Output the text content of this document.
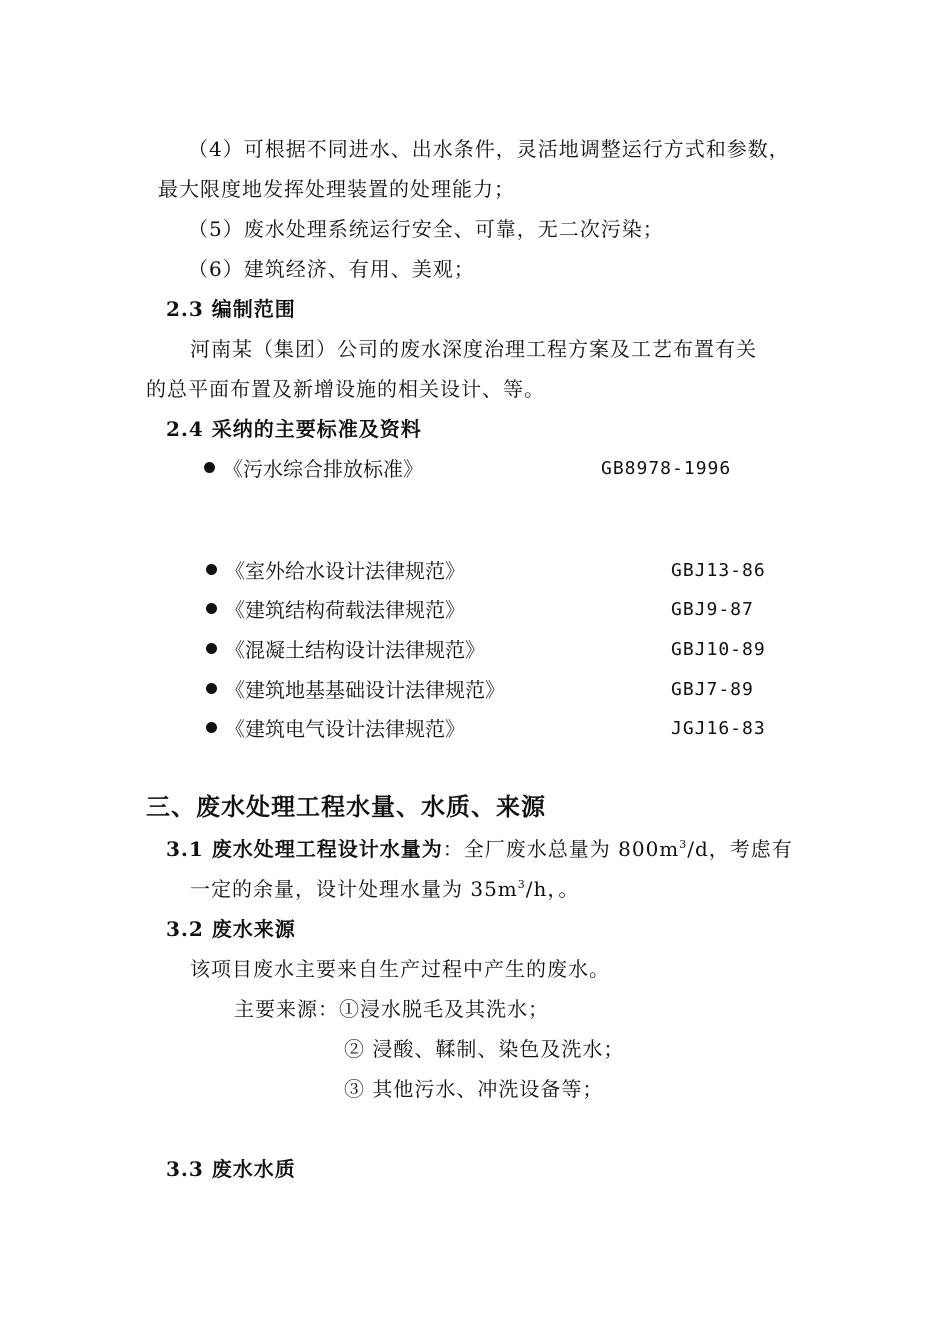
（4）可根据不同进水、出水条件，灵活地调整运行方式和参数，
最大限度地发挥处理装置的处理能力；
（5）废水处理系统运行安全、可靠，无二次污染；
（6）建筑经济、有用、美观；
2.3 编制范围
河南某（集团）公司的废水深度治理工程方案及工艺布置有关
的总平面布置及新增设施的相关设计、等。
2.4 采纳的主要标准及资料
《污水综合排放标准》	GB8978-1996
《室外给水设计法律规范》	GBJ13-86
《建筑结构荷载法律规范》	GBJ9-87
《混凝土结构设计法律规范》	GBJ10-89
《建筑地基基础设计法律规范》	GBJ7-89
《建筑电气设计法律规范》	JGJ16-83
三、废水处理工程水量、水质、来源
3.1 废水处理工程设计水量为：全厂废水总量为 $800m^3/d$，考虑有
一定的余量，设计处理水量为 $35m^3/h$，。
3.2 废水来源
该项目废水主要来自生产过程中产生的废水。
主要来源：①浸水脱毛及其洗水；
② 浸酸、鞣制、染色及洗水；
③ 其他污水、冲洗设备等；
3.3 废水水质
